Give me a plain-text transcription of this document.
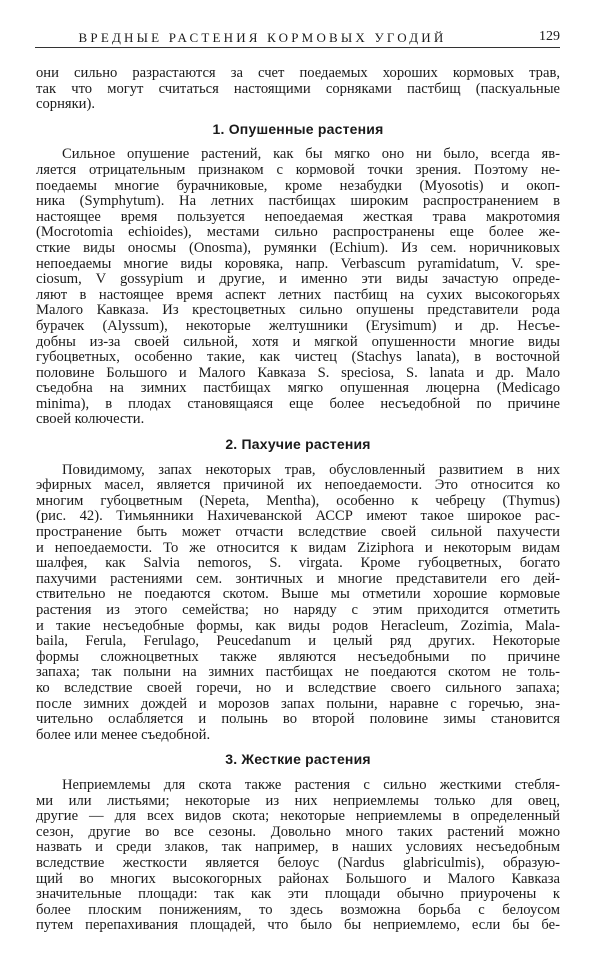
ВРЕДНЫЕ РАСТЕНИЯ КОРМОВЫХ УГОДИЙ	129
они сильно разрастаются за счет поедаемых хороших кормовых трав,
так что могут считаться настоящими сорняками пастбищ (паскуальные
сорняки).
1. Опушенные растения
Сильное опушение растений, как бы мягко оно ни было, всегда яв-
ляется отрицательным признаком с кормовой точки зрения. Поэтому не-
поедаемы многие бурачниковые, кроме незабудки (Myosotis) и окоп-
ника (Symphytum). На летних пастбищах широким распространением в
настоящее время пользуется непоедаемая жесткая трава макротомия
(Mocrotomia echioides), местами сильно распространены еще более же-
сткие виды оносмы (Onosma), румянки (Echium). Из сем. норичниковых
непоедаемы многие виды коровяка, напр. Verbascum pyramidatum, V. spe-
ciosum, V gossypium и другие, и именно эти виды зачастую опреде-
ляют в настоящее время аспект летних пастбищ на сухих высокогорьях
Малого Кавказа. Из крестоцветных сильно опушены представители рода
бурачек (Alyssum), некоторые желтушники (Erysimum) и др. Несъе-
добны из-за своей сильной, хотя и мягкой опушенности многие виды
губоцветных, особенно такие, как чистец (Stachys lanata), в восточной
половине Большого и Малого Кавказа S. speciosa, S. lanata и др. Мало
съедобна на зимних пастбищах мягко опушенная люцерна (Medicago
minima), в плодах становящаяся еще более несъедобной по причине
своей колючести.
2. Пахучие растения
Повидимому, запах некоторых трав, обусловленный развитием в них
эфирных масел, является причиной их непоедаемости. Это относится ко
многим губоцветным (Nepeta, Mentha), особенно к чебрецу (Thymus)
(рис. 42). Тимьянники Нахичеванской АССР имеют такое широкое рас-
пространение быть может отчасти вследствие своей сильной пахучести
и непоедаемости. То же относится к видам Ziziphora и некоторым видам
шалфея, как Salvia nemoros, S. virgata. Кроме губоцветных, богато
пахучими растениями сем. зонтичных и многие представители его дей-
ствительно не поедаются скотом. Выше мы отметили хорошие кормовые
растения из этого семейства; но наряду с этим приходится отметить
и такие несъедобные формы, как виды родов Heracleum, Zozimia, Mala-
baila, Ferula, Ferulago, Peucedanum и целый ряд других. Некоторые
формы сложноцветных также являются несъедобными по причине
запаха; так полыни на зимних пастбищах не поедаются скотом не толь-
ко вследствие своей горечи, но и вследствие своего сильного запаха;
после зимних дождей и морозов запах полыни, наравне с горечью, зна-
чительно ослабляется и полынь во второй половине зимы становится
более или менее съедобной.
3. Жесткие растения
Неприемлемы для скота также растения с сильно жесткими стебля-
ми или листьями; некоторые из них неприемлемы только для овец,
другие — для всех видов скота; некоторые неприемлемы в определенный
сезон, другие во все сезоны. Довольно много таких растений можно
назвать и среди злаков, так например, в наших условиях несъедобным
вследствие жесткости является белоус (Nardus glabriculmis), образую-
щий во многих высокогорных районах Большого и Малого Кавказа
значительные площади: так как эти площади обычно приурочены к
более плоским понижениям, то здесь возможна борьба с белоусом
путем перепахивания площадей, что было бы неприемлемо, если бы бе-
